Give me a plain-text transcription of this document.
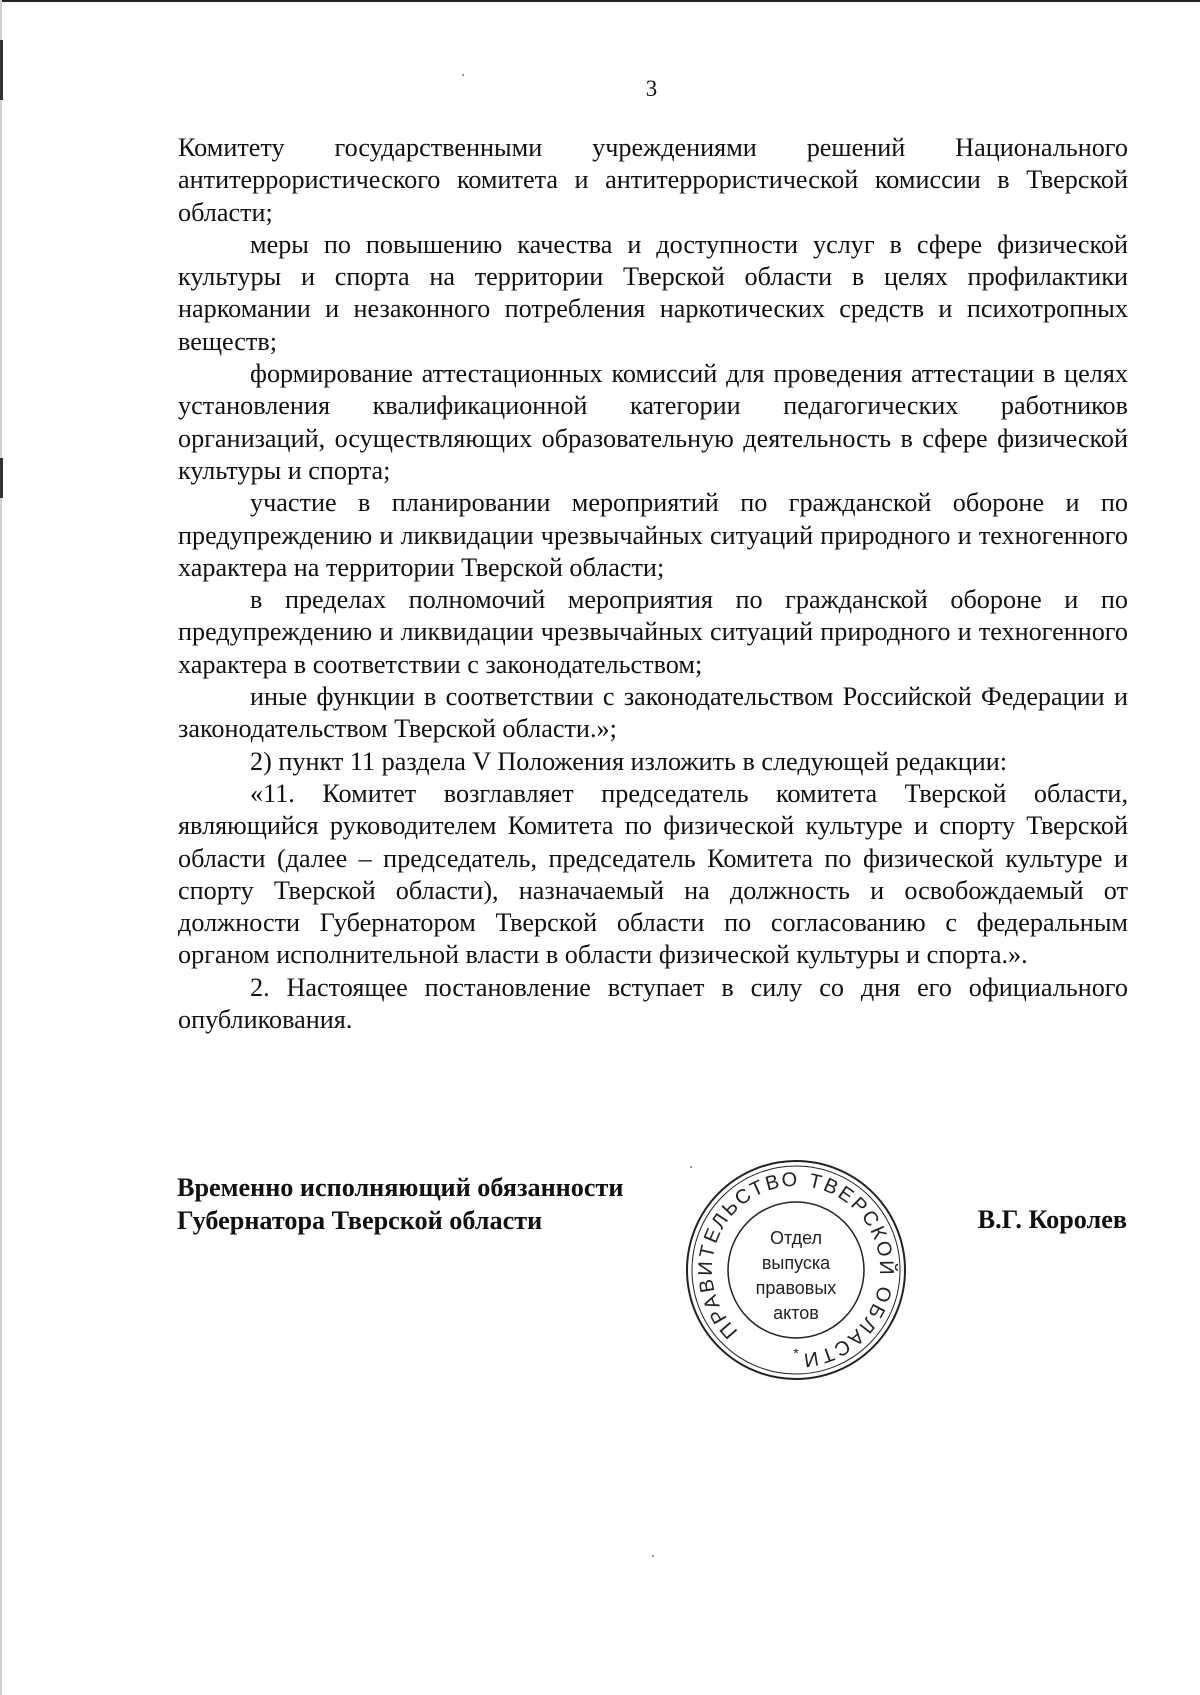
3

Комитету государственными учреждениями решений Национального антитеррористического комитета и антитеррористической комиссии в Тверской области;

меры по повышению качества и доступности услуг в сфере физической культуры и спорта на территории Тверской области в целях профилактики наркомании и незаконного потребления наркотических средств и психотропных веществ;

формирование аттестационных комиссий для проведения аттестации в целях установления квалификационной категории педагогических работников организаций, осуществляющих образовательную деятельность в сфере физической культуры и спорта;

участие в планировании мероприятий по гражданской обороне и по предупреждению и ликвидации чрезвычайных ситуаций природного и техногенного характера на территории Тверской области;

в пределах полномочий мероприятия по гражданской обороне и по предупреждению и ликвидации чрезвычайных ситуаций природного и техногенного характера в соответствии с законодательством;

иные функции в соответствии с законодательством Российской Федерации и законодательством Тверской области.»;

2) пункт 11 раздела V Положения изложить в следующей редакции:

«11. Комитет возглавляет председатель комитета Тверской области, являющийся руководителем Комитета по физической культуре и спорту Тверской области (далее – председатель, председатель Комитета по физической культуре и спорту Тверской области), назначаемый на должность и освобождаемый от должности Губернатором Тверской области по согласованию с федеральным органом исполнительной власти в области физической культуры и спорта.».

2. Настоящее постановление вступает в силу со дня его официального опубликования.

Временно исполняющий обязанности
Губернатора Тверской области	В.Г. Королев
ПРАВИТЕЛЬСТВО ТВЕРСКОЙ ОБЛАСТИ
*
Отдел
выпуска
правовых
актов
